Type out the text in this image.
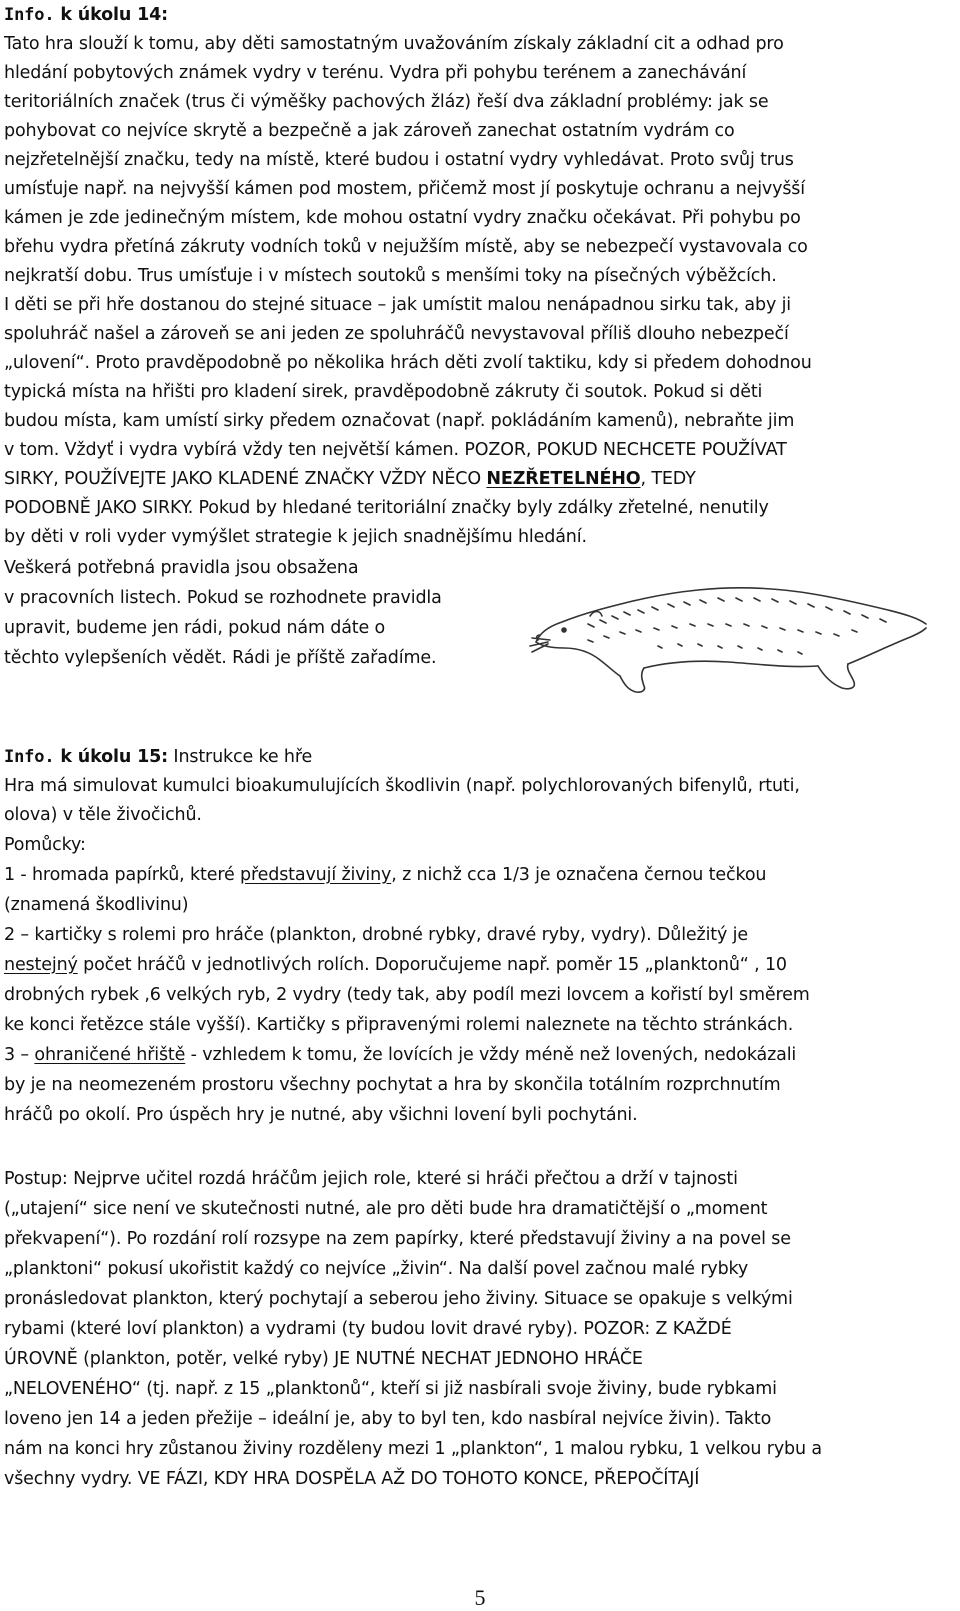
Info. k úkolu 14:
Tato hra slouží k tomu, aby děti samostatným uvažováním získaly základní cit a odhad pro
hledání pobytových známek vydry v terénu. Vydra při pohybu terénem a zanechávání
teritoriálních značek (trus či výměšky pachových žláz) řeší dva základní problémy: jak se
pohybovat co nejvíce skrytě a bezpečně a jak zároveň zanechat ostatním vydrám co
nejzřetelnější značku, tedy na místě, které budou i ostatní vydry vyhledávat. Proto svůj trus
umísťuje např. na nejvyšší kámen pod mostem, přičemž most jí poskytuje ochranu a nejvyšší
kámen je zde jedinečným místem, kde mohou ostatní vydry značku očekávat. Při pohybu po
břehu vydra přetíná zákruty vodních toků v nejužším místě, aby se nebezpečí vystavovala co
nejkratší dobu. Trus umísťuje i v místech soutoků s menšími toky na písečných výběžcích.
I děti se při hře dostanou do stejné situace – jak umístit malou nenápadnou sirku tak, aby ji
spoluhráč našel a zároveň se ani jeden ze spoluhráčů nevystavoval příliš dlouho nebezpečí
„ulovení“. Proto pravděpodobně po několika hrách děti zvolí taktiku, kdy si předem dohodnou
typická místa na hřišti pro kladení sirek, pravděpodobně zákruty či soutok. Pokud si děti
budou místa, kam umístí sirky předem označovat (např. pokládáním kamenů), nebraňte jim
v tom. Vždyť i vydra vybírá vždy ten největší kámen. POZOR, POKUD NECHCETE POUŽÍVAT
SIRKY, POUŽÍVEJTE JAKO KLADENÉ ZNAČKY VŽDY NĚCO NEZŘETELNÉHO, TEDY
PODOBNĚ JAKO SIRKY. Pokud by hledané teritoriální značky byly zdálky zřetelné, nenutily
by děti v roli vyder vymýšlet strategie k jejich snadnějšímu hledání.
Veškerá potřebná pravidla jsou obsažena
v pracovních listech. Pokud se rozhodnete pravidla
upravit, budeme jen rádi, pokud nám dáte o
těchto vylepšeních vědět. Rádi je příště zařadíme.
Info. k úkolu 15: Instrukce ke hře
Hra má simulovat kumulci bioakumulujících škodlivin (např. polychlorovaných bifenylů, rtuti,
olova) v těle živočichů.
Pomůcky:
1 - hromada papírků, které představují živiny, z nichž cca 1/3 je označena černou tečkou
(znamená škodlivinu)
2 – kartičky s rolemi pro hráče (plankton, drobné rybky, dravé ryby, vydry). Důležitý je
nestejný počet hráčů v jednotlivých rolích. Doporučujeme např. poměr 15 „planktonů“ , 10
drobných rybek ,6 velkých ryb, 2 vydry (tedy tak, aby podíl mezi lovcem a kořistí byl směrem
ke konci řetězce stále vyšší). Kartičky s připravenými rolemi naleznete na těchto stránkách.
3 – ohraničené hřiště - vzhledem k tomu, že lovících je vždy méně než lovených, nedokázali
by je na neomezeném prostoru všechny pochytat a hra by skončila totálním rozprchnutím
hráčů po okolí. Pro úspěch hry je nutné, aby všichni lovení byli pochytáni.
Postup: Nejprve učitel rozdá hráčům jejich role, které si hráči přečtou a drží v tajnosti
(„utajení“ sice není ve skutečnosti nutné, ale pro děti bude hra dramatičtější o „moment
překvapení“). Po rozdání rolí rozsype na zem papírky, které představují živiny a na povel se
„planktoni“ pokusí ukořistit každý co nejvíce „živin“. Na další povel začnou malé rybky
pronásledovat plankton, který pochytají a seberou jeho živiny. Situace se opakuje s velkými
rybami (které loví plankton) a vydrami (ty budou lovit dravé ryby). POZOR: Z KAŽDÉ
ÚROVNĚ (plankton, potěr, velké ryby) JE NUTNÉ NECHAT JEDNOHO HRÁČE
„NELOVENÉHO“ (tj. např. z 15 „planktonů“, kteří si již nasbírali svoje živiny, bude rybkami
loveno jen 14 a jeden přežije – ideální je, aby to byl ten, kdo nasbíral nejvíce živin). Takto
nám na konci hry zůstanou živiny rozděleny mezi 1 „plankton“, 1 malou rybku, 1 velkou rybu a
všechny vydry. VE FÁZI, KDY HRA DOSPĚLA AŽ DO TOHOTO KONCE, PŘEPOČÍTAJÍ
5
